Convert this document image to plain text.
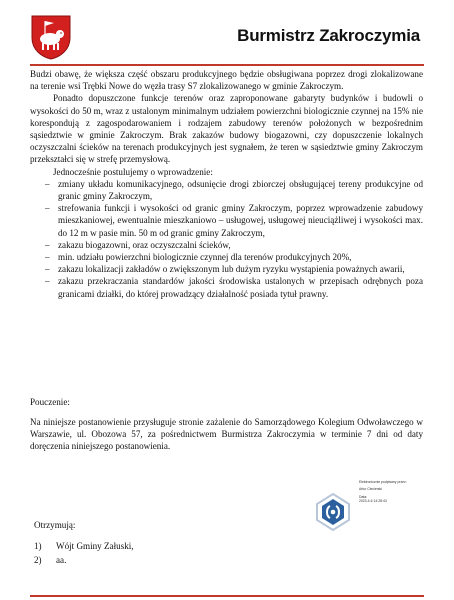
Burmistrz Zakroczymia

Budzi obawę, że większa część obszaru produkcyjnego będzie obsługiwana poprzez drogi zlokalizowane na terenie wsi Trębki Nowe do węzła trasy S7 zlokalizowanego w gminie Zakroczym.

Ponadto dopuszczone funkcje terenów oraz zaproponowane gabaryty budynków i budowli o wysokości do 50 m, wraz z ustalonym minimalnym udziałem powierzchni biologicznie czynnej na 15% nie korespondują z zagospodarowaniem i rodzajem zabudowy terenów położonych w bezpośrednim sąsiedztwie w gminie Zakroczym. Brak zakazów budowy biogazowni, czy dopuszczenie lokalnych oczyszczalni ścieków na terenach produkcyjnych jest sygnałem, że teren w sąsiedztwie gminy Zakroczym przekształci się w strefę przemysłową.

Jednocześnie postulujemy o wprowadzenie:

– zmiany układu komunikacyjnego, odsunięcie drogi zbiorczej obsługującej tereny produkcyjne od granic gminy Zakroczym,
– strefowania funkcji i wysokości od granic gminy Zakroczym, poprzez wprowadzenie zabudowy mieszkaniowej, ewentualnie mieszkaniowo – usługowej, usługowej nieuciążliwej i wysokości max. do 12 m w pasie min. 50 m od granic gminy Zakroczym,
– zakazu biogazowni, oraz oczyszczalni ścieków,
– min. udziału powierzchni biologicznie czynnej dla terenów produkcyjnych 20%,
– zakazu lokalizacji zakładów o zwiększonym lub dużym ryzyku wystąpienia poważnych awarii,
– zakazu przekraczania standardów jakości środowiska ustalonych w przepisach odrębnych poza granicami działki, do której prowadzący działalność posiada tytuł prawny.
Pouczenie:
Na niniejsze postanowienie przysługuje stronie zażalenie do Samorządowego Kolegium Odwoławczego w Warszawie, ul. Obozowa 57, za pośrednictwem Burmistrza Zakroczymia w terminie 7 dni od daty doręczenia niniejszego postanowienia.
Elektronicznie podpisany przez:
Artur Ciecierski
Data:
2023-4-6 14:28:43
Otrzymują:
1) Wójt Gminy Załuski,
2) aa.
